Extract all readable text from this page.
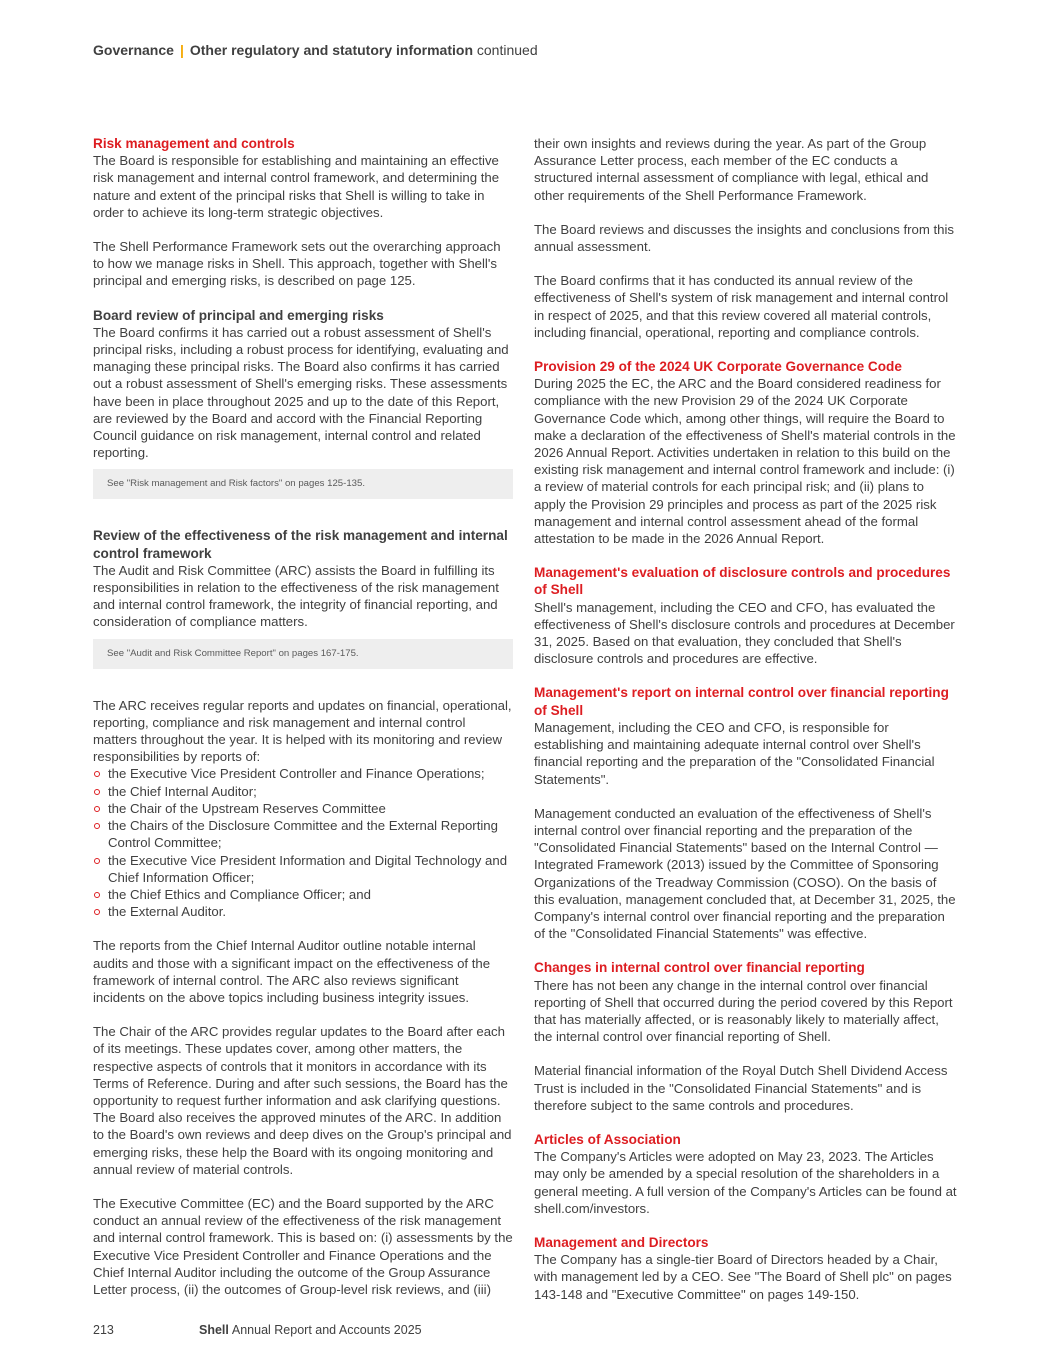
Governance | Other regulatory and statutory information continued
Risk management and controls

The Board is responsible for establishing and maintaining an effective risk management and internal control framework, and determining the nature and extent of the principal risks that Shell is willing to take in order to achieve its long-term strategic objectives.

The Shell Performance Framework sets out the overarching approach to how we manage risks in Shell. This approach, together with Shell's principal and emerging risks, is described on page 125.

Board review of principal and emerging risks

The Board confirms it has carried out a robust assessment of Shell's principal risks, including a robust process for identifying, evaluating and managing these principal risks. The Board also confirms it has carried out a robust assessment of Shell's emerging risks. These assessments have been in place throughout 2025 and up to the date of this Report, are reviewed by the Board and accord with the Financial Reporting Council guidance on risk management, internal control and related reporting.

See "Risk management and Risk factors" on pages 125-135.
Review of the effectiveness of the risk management and internal control framework

The Audit and Risk Committee (ARC) assists the Board in fulfilling its responsibilities in relation to the effectiveness of the risk management and internal control framework, the integrity of financial reporting, and consideration of compliance matters.

See "Audit and Risk Committee Report" on pages 167-175.

The ARC receives regular reports and updates on financial, operational, reporting, compliance and risk management and internal control matters throughout the year. It is helped with its monitoring and review responsibilities by reports of:

the Executive Vice President Controller and Finance Operations;
the Chief Internal Auditor;
the Chair of the Upstream Reserves Committee
the Chairs of the Disclosure Committee and the External Reporting Control Committee;
the Executive Vice President Information and Digital Technology and Chief Information Officer;
the Chief Ethics and Compliance Officer; and
the External Auditor.

The reports from the Chief Internal Auditor outline notable internal audits and those with a significant impact on the effectiveness of the framework of internal control. The ARC also reviews significant incidents on the above topics including business integrity issues.

The Chair of the ARC provides regular updates to the Board after each of its meetings. These updates cover, among other matters, the respective aspects of controls that it monitors in accordance with its Terms of Reference. During and after such sessions, the Board has the opportunity to request further information and ask clarifying questions. The Board also receives the approved minutes of the ARC. In addition to the Board's own reviews and deep dives on the Group's principal and emerging risks, these help the Board with its ongoing monitoring and annual review of material controls.

The Executive Committee (EC) and the Board supported by the ARC conduct an annual review of the effectiveness of the risk management and internal control framework. This is based on: (i) assessments by the Executive Vice President Controller and Finance Operations and the Chief Internal Auditor including the outcome of the Group Assurance Letter process, (ii) the outcomes of Group-level risk reviews, and (iii)

their own insights and reviews during the year. As part of the Group Assurance Letter process, each member of the EC conducts a structured internal assessment of compliance with legal, ethical and other requirements of the Shell Performance Framework.

The Board reviews and discusses the insights and conclusions from this annual assessment.

The Board confirms that it has conducted its annual review of the effectiveness of Shell's system of risk management and internal control in respect of 2025, and that this review covered all material controls, including financial, operational, reporting and compliance controls.

Provision 29 of the 2024 UK Corporate Governance Code

During 2025 the EC, the ARC and the Board considered readiness for compliance with the new Provision 29 of the 2024 UK Corporate Governance Code which, among other things, will require the Board to make a declaration of the effectiveness of Shell's material controls in the 2026 Annual Report. Activities undertaken in relation to this build on the existing risk management and internal control framework and include: (i) a review of material controls for each principal risk; and (ii) plans to apply the Provision 29 principles and process as part of the 2025 risk management and internal control assessment ahead of the formal attestation to be made in the 2026 Annual Report.

Management's evaluation of disclosure controls and procedures of Shell

Shell's management, including the CEO and CFO, has evaluated the effectiveness of Shell's disclosure controls and procedures at December 31, 2025. Based on that evaluation, they concluded that Shell's disclosure controls and procedures are effective.

Management's report on internal control over financial reporting of Shell

Management, including the CEO and CFO, is responsible for establishing and maintaining adequate internal control over Shell's financial reporting and the preparation of the "Consolidated Financial Statements".

Management conducted an evaluation of the effectiveness of Shell's internal control over financial reporting and the preparation of the "Consolidated Financial Statements" based on the Internal Control — Integrated Framework (2013) issued by the Committee of Sponsoring Organizations of the Treadway Commission (COSO). On the basis of this evaluation, management concluded that, at December 31, 2025, the Company's internal control over financial reporting and the preparation of the "Consolidated Financial Statements" was effective.

Changes in internal control over financial reporting

There has not been any change in the internal control over financial reporting of Shell that occurred during the period covered by this Report that has materially affected, or is reasonably likely to materially affect, the internal control over financial reporting of Shell.

Material financial information of the Royal Dutch Shell Dividend Access Trust is included in the "Consolidated Financial Statements" and is therefore subject to the same controls and procedures.

Articles of Association

The Company's Articles were adopted on May 23, 2023. The Articles may only be amended by a special resolution of the shareholders in a general meeting. A full version of the Company's Articles can be found at shell.com/investors.

Management and Directors

The Company has a single-tier Board of Directors headed by a Chair, with management led by a CEO. See "The Board of Shell plc" on pages 143-148 and "Executive Committee" on pages 149-150.

213	Shell Annual Report and Accounts 2025
